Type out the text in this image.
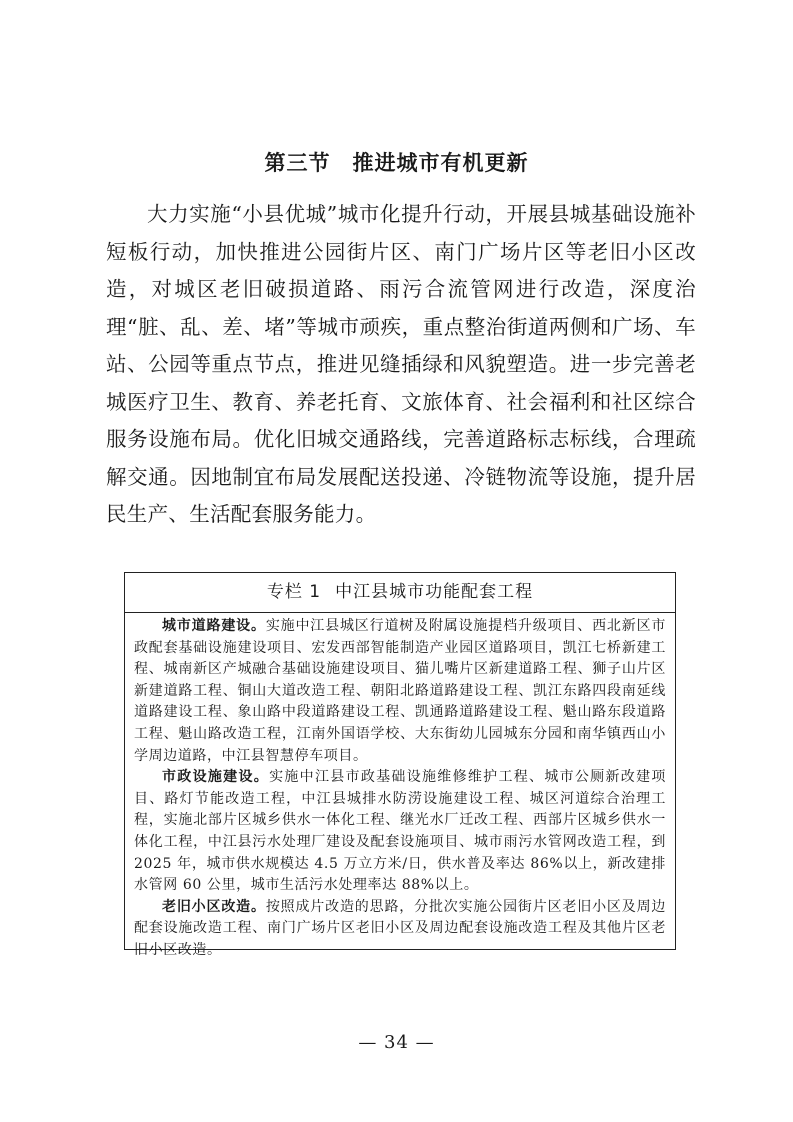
第三节 推进城市有机更新

大力实施“小县优城”城市化提升行动，开展县城基础设施补短板行动，加快推进公园街片区、南门广场片区等老旧小区改造，对城区老旧破损道路、雨污合流管网进行改造，深度治理“脏、乱、差、堵”等城市顽疾，重点整治街道两侧和广场、车站、公园等重点节点，推进见缝插绿和风貌塑造。进一步完善老城医疗卫生、教育、养老托育、文旅体育、社会福利和社区综合服务设施布局。优化旧城交通路线，完善道路标志标线，合理疏解交通。因地制宜布局发展配送投递、冷链物流等设施，提升居民生产、生活配套服务能力。

专栏 1 中江县城市功能配套工程

城市道路建设。实施中江县城区行道树及附属设施提档升级项目、西北新区市政配套基础设施建设项目、宏发西部智能制造产业园区道路项目，凯江七桥新建工程、城南新区产城融合基础设施建设项目、猫儿嘴片区新建道路工程、狮子山片区新建道路工程、铜山大道改造工程、朝阳北路道路建设工程、凯江东路四段南延线道路建设工程、象山路中段道路建设工程、凯通路道路建设工程、魁山路东段道路工程、魁山路改造工程，江南外国语学校、大东街幼儿园城东分园和南华镇西山小学周边道路，中江县智慧停车项目。

市政设施建设。实施中江县市政基础设施维修维护工程、城市公厕新改建项目、路灯节能改造工程，中江县城排水防涝设施建设工程、城区河道综合治理工程，实施北部片区城乡供水一体化工程、继光水厂迁改工程、西部片区城乡供水一体化工程，中江县污水处理厂建设及配套设施项目、城市雨污水管网改造工程，到 2025 年，城市供水规模达 4.5 万立方米/日，供水普及率达 86%以上，新改建排水管网 60 公里，城市生活污水处理率达 88%以上。

老旧小区改造。按照成片改造的思路，分批次实施公园街片区老旧小区及周边配套设施改造工程、南门广场片区老旧小区及周边配套设施改造工程及其他片区老旧小区改造。

— 34 —
